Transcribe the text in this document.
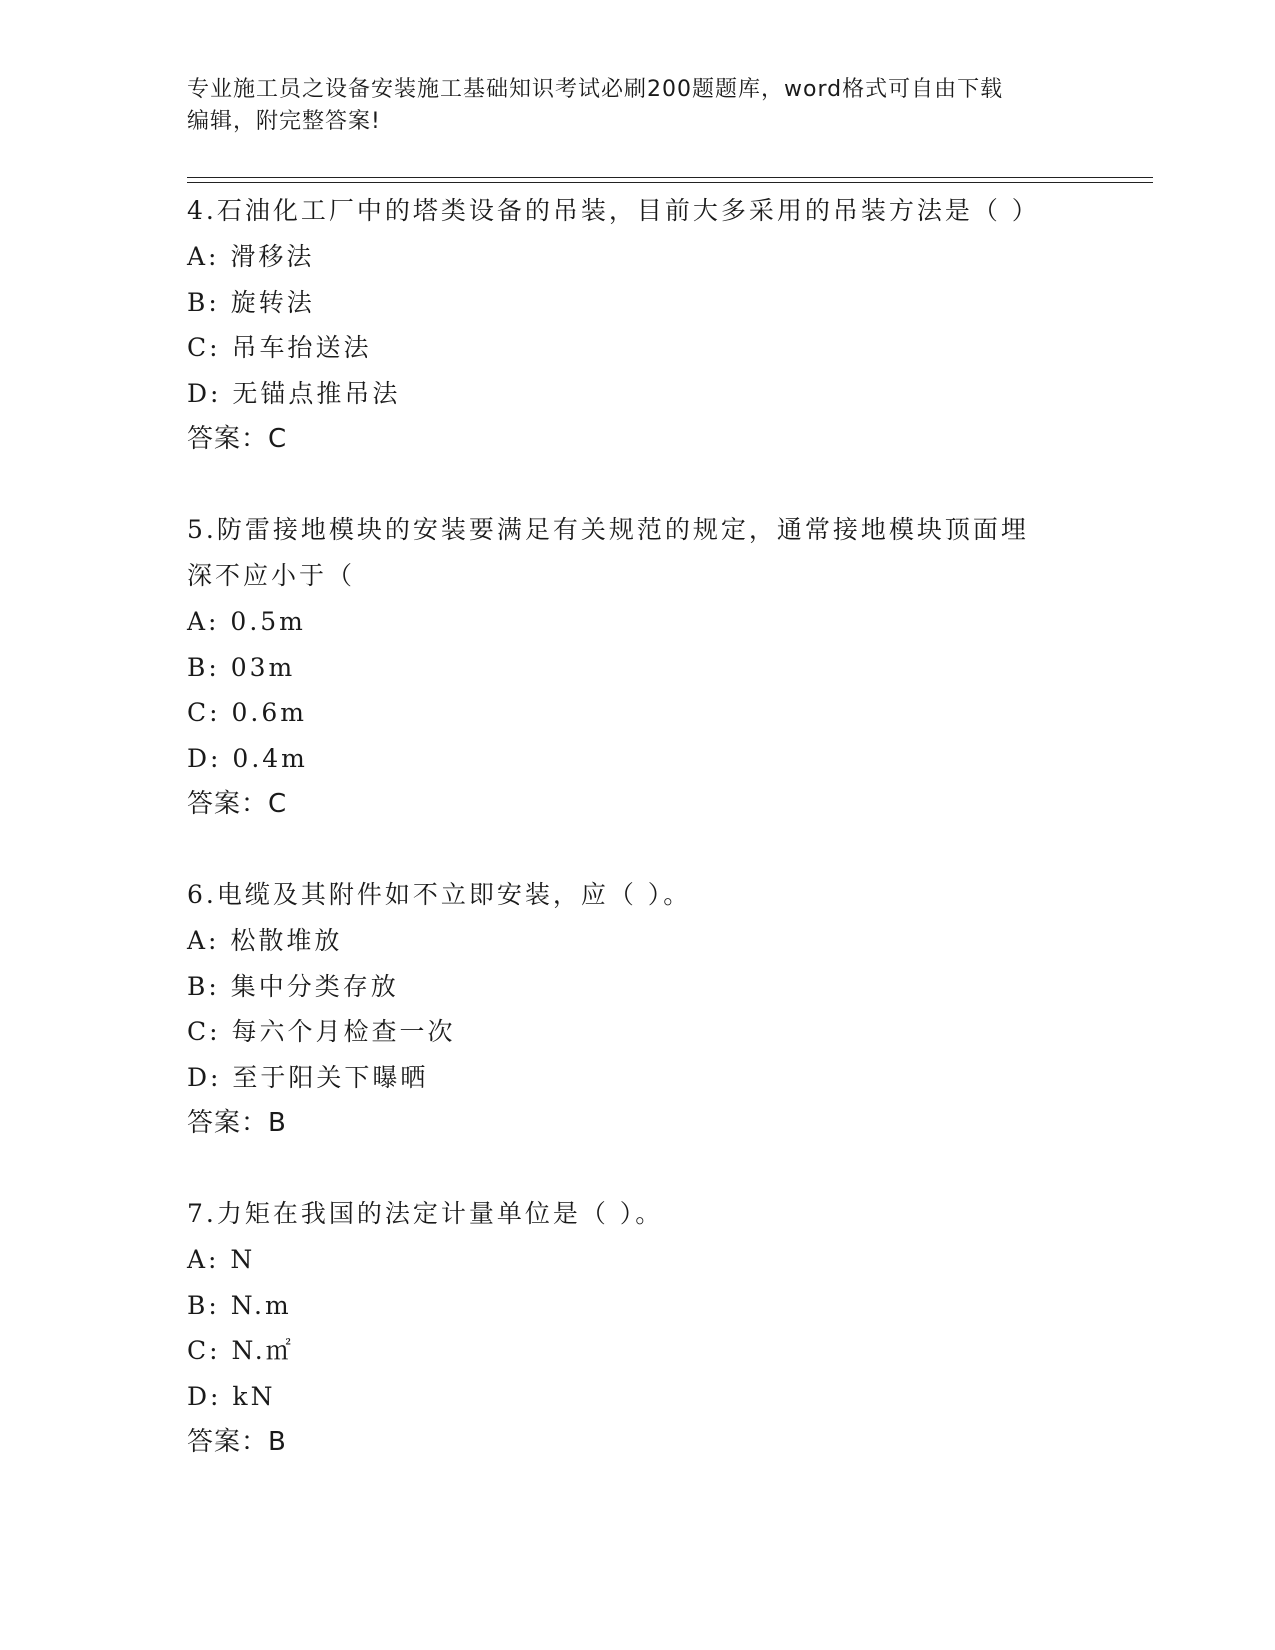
专业施工员之设备安装施工基础知识考试必刷200题题库，word格式可自由下载
编辑，附完整答案!

4.石油化工厂中的塔类设备的吊装，目前大多采用的吊装方法是（ ）

A: 滑移法

B: 旋转法

C: 吊车抬送法

D: 无锚点推吊法

答案：C

5.防雷接地模块的安装要满足有关规范的规定，通常接地模块顶面埋

深不应小于（

A: 0.5m

B: 03m

C: 0.6m

D: 0.4m

答案：C

6.电缆及其附件如不立即安装，应（ ）。

A: 松散堆放

B: 集中分类存放

C: 每六个月检查一次

D: 至于阳关下曝晒

答案：B

7.力矩在我国的法定计量单位是（ ）。

A: N

B: N.m

C: N.㎡

D: kN

答案：B
